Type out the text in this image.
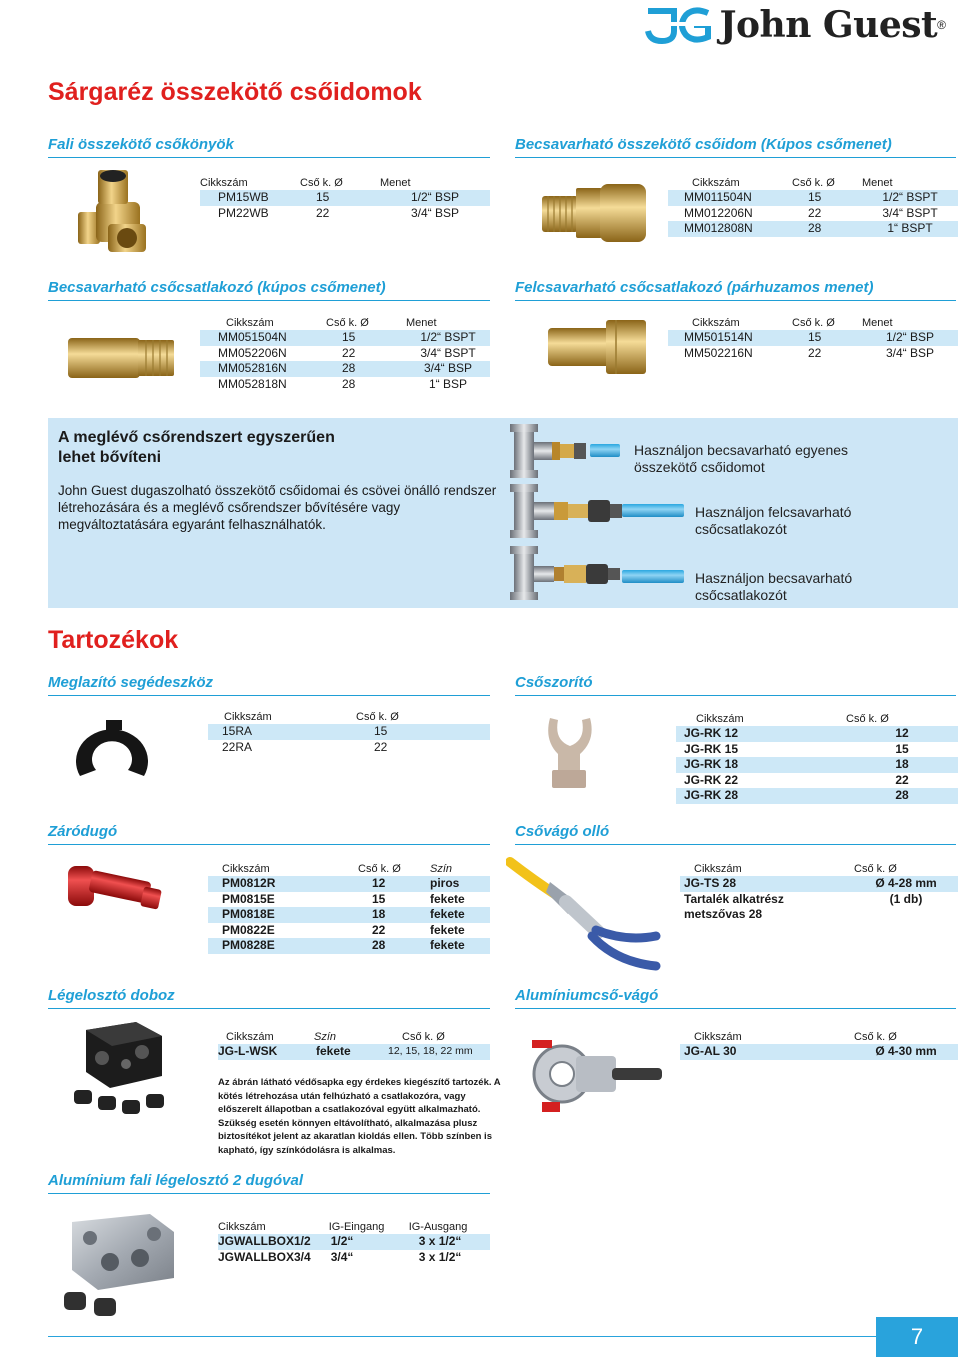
John Guest ®
Sárgaréz összekötő csőidomok
Fali összekötő csőkönyök
Cikkszám	Cső k. Ø	Menet
PM15WB	15	1/2“ BSP
PM22WB	22	3/4“ BSP
Becsavarható összekötő csőidom (Kúpos csőmenet)
Cikkszám	Cső k. Ø	Menet
MM011504N	15	1/2“ BSPT
MM012206N	22	3/4“ BSPT
MM012808N	28	1“ BSPT
Becsavarható csőcsatlakozó (kúpos csőmenet)
Cikkszám	Cső k. Ø	Menet
MM051504N	15	1/2“ BSPT
MM052206N	22	3/4“ BSPT
MM052816N	28	3/4“ BSP
MM052818N	28	1“ BSP
Felcsavarható csőcsatlakozó (párhuzamos menet)
Cikkszám	Cső k. Ø	Menet
MM501514N	15	1/2“ BSP
MM502216N	22	3/4“ BSP
A meglévő csőrendszert egyszerűen
lehet bővíteni
John Guest dugaszolható összekötő csőidomai és csövei önálló rendszer létrehozására és a meglévő csőrendszer bővítésére vagy megváltoztatására egyaránt felhasználhatók.
Használjon becsavarható egyenes
összekötő csőidomot
Használjon felcsavarható
csőcsatlakozót
Használjon becsavarható
csőcsatlakozót
Tartozékok
Meglazító segédeszköz
Cikkszám	Cső k. Ø
15RA	15
22RA	22
Csőszorító
Cikkszám	Cső k. Ø
JG-RK 12	12
JG-RK 15	15
JG-RK 18	18
JG-RK 22	22
JG-RK 28	28
Záródugó
Cikkszám	Cső k. Ø	Szín
PM0812R	12	piros
PM0815E	15	fekete
PM0818E	18	fekete
PM0822E	22	fekete
PM0828E	28	fekete
Csővágó olló
Cikkszám	Cső k. Ø
JG-TS 28	Ø 4-28 mm
Tartalék alkatrész	(1 db)
metszővas 28	
Légelosztó doboz
Cikkszám	Szín	Cső k. Ø
JG-L-WSK	fekete	12, 15, 18, 22 mm
Az ábrán látható védősapka egy érdekes kiegészítő tartozék. A kötés létrehozása után felhúzható a csatlakozóra, vagy előszerelt állapotban a csatlakozóval együtt alkalmazható. Szükség esetén könnyen eltávolítható, alkalmazása plusz biztosítékot jelent az akaratlan kioldás ellen. Több színben is kapható, így színkódolásra is alkalmas.
Alumíniumcső-vágó
Cikkszám	Cső k. Ø
JG-AL 30	Ø 4-30 mm
Alumínium fali légelosztó 2 dugóval
Cikkszám	IG-Eingang	IG-Ausgang
JGWALLBOX1/2	1/2“	3 x 1/2“
JGWALLBOX3/4	3/4“	3 x 1/2“
7
